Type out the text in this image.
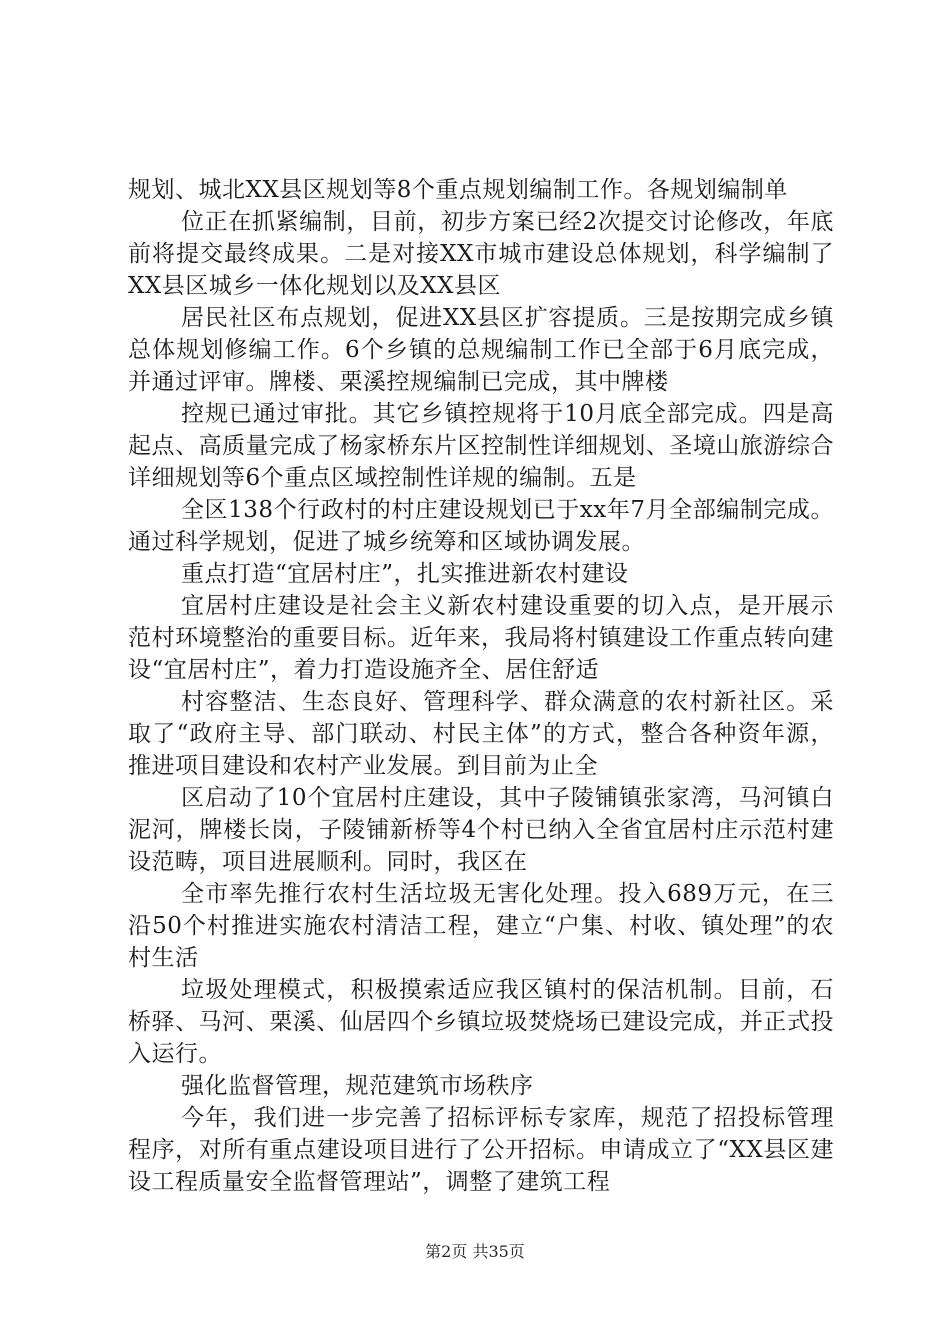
规划、城北XX县区规划等8个重点规划编制工作。各规划编制单

位正在抓紧编制，目前，初步方案已经2次提交讨论修改，年底前将提交最终成果。二是对接XX市城市建设总体规划，科学编制了XX县区城乡一体化规划以及XX县区

居民社区布点规划，促进XX县区扩容提质。三是按期完成乡镇总体规划修编工作。6个乡镇的总规编制工作已全部于6月底完成，并通过评审。牌楼、栗溪控规编制已完成，其中牌楼

控规已通过审批。其它乡镇控规将于10月底全部完成。四是高起点、高质量完成了杨家桥东片区控制性详细规划、圣境山旅游综合详细规划等6个重点区域控制性详规的编制。五是

全区138个行政村的村庄建设规划已于xx年7月全部编制完成。通过科学规划，促进了城乡统筹和区域协调发展。

重点打造“宜居村庄”，扎实推进新农村建设

宜居村庄建设是社会主义新农村建设重要的切入点，是开展示范村环境整治的重要目标。近年来，我局将村镇建设工作重点转向建设“宜居村庄”，着力打造设施齐全、居住舒适

村容整洁、生态良好、管理科学、群众满意的农村新社区。采取了“政府主导、部门联动、村民主体”的方式，整合各种资年源，推进项目建设和农村产业发展。到目前为止全

区启动了10个宜居村庄建设，其中子陵铺镇张家湾，马河镇白泥河，牌楼长岗，子陵铺新桥等4个村已纳入全省宜居村庄示范村建设范畴，项目进展顺利。同时，我区在

全市率先推行农村生活垃圾无害化处理。投入689万元，在三沿50个村推进实施农村清洁工程，建立“户集、村收、镇处理”的农村生活

垃圾处理模式，积极摸索适应我区镇村的保洁机制。目前，石桥驿、马河、栗溪、仙居四个乡镇垃圾焚烧场已建设完成，并正式投入运行。

强化监督管理，规范建筑市场秩序

今年，我们进一步完善了招标评标专家库，规范了招投标管理程序，对所有重点建设项目进行了公开招标。申请成立了“XX县区建设工程质量安全监督管理站”，调整了建筑工程

第2页 共35页
